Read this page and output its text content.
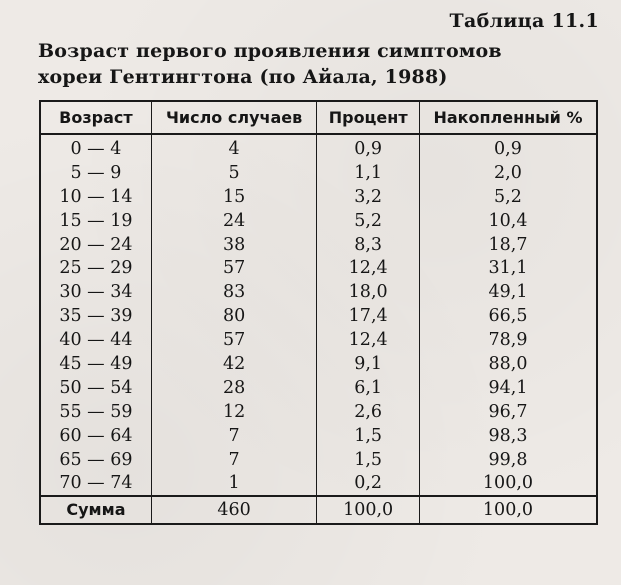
Таблица 11.1
Возраст первого проявления симптомов
хореи Гентингтона (по Айала, 1988)
Возраст	Число случаев	Процент	Накопленный %
0 — 4	4	0,9	0,9
5 — 9	5	1,1	2,0
10 — 14	15	3,2	5,2
15 — 19	24	5,2	10,4
20 — 24	38	8,3	18,7
25 — 29	57	12,4	31,1
30 — 34	83	18,0	49,1
35 — 39	80	17,4	66,5
40 — 44	57	12,4	78,9
45 — 49	42	9,1	88,0
50 — 54	28	6,1	94,1
55 — 59	12	2,6	96,7
60 — 64	7	1,5	98,3
65 — 69	7	1,5	99,8
70 — 74	1	0,2	100,0
Сумма	460	100,0	100,0
